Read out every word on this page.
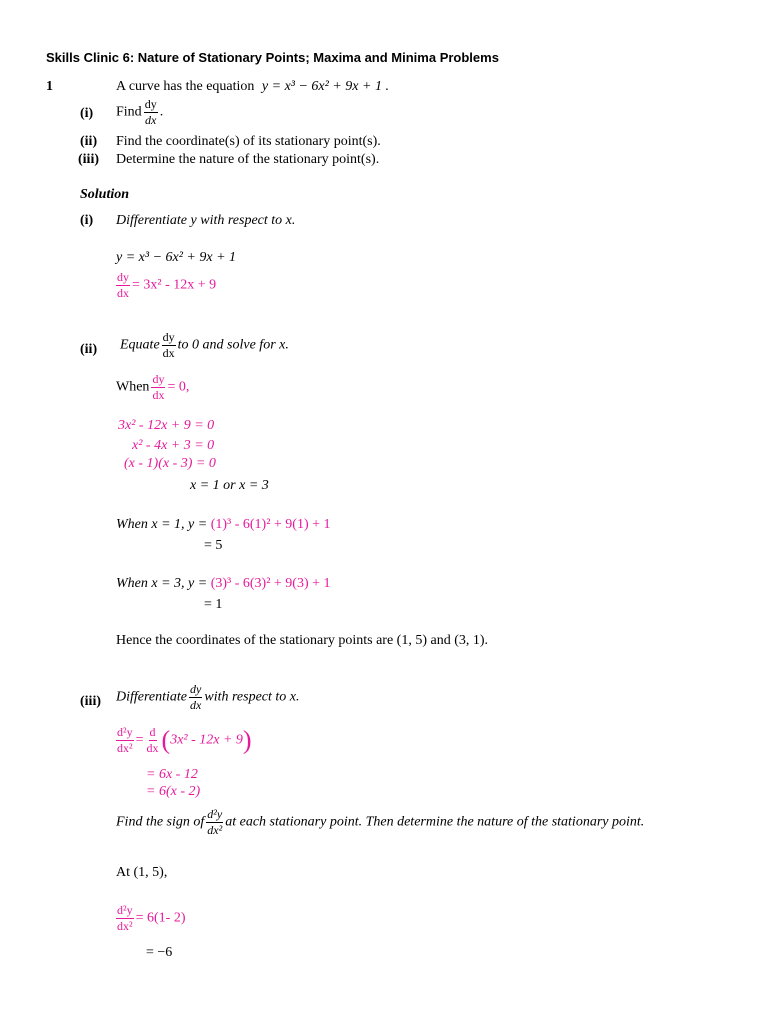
Skills Clinic 6: Nature of Stationary Points; Maxima and Minima Problems
1	A curve has the equation y = x³ − 6x² + 9x + 1 .
(i) Find $\frac{dy}{dx}$ .
(ii) Find the coordinate(s) of its stationary point(s).
(iii) Determine the nature of the stationary point(s).
Solution
(i) Differentiate y with respect to x.
y = x³ − 6x² + 9x + 1
$\frac{dy}{dx} = 3x^2 - 12x + 9$
(ii) Equate $\frac{dy}{dx}$ to 0 and solve for x.
When $\frac{dy}{dx} = 0$,
3x² - 12x + 9 = 0
x² - 4x + 3 = 0
(x - 1)(x - 3) = 0
x = 1 or x = 3
When x = 1, y = (1)³ - 6(1)² + 9(1) + 1
= 5
When x = 3, y = (3)³ - 6(3)² + 9(3) + 1
= 1
Hence the coordinates of the stationary points are (1, 5) and (3, 1).
(iii) Differentiate $\frac{dy}{dx}$ with respect to x.
$\frac{\text{d²y}}{\text{dx²}} = \frac{d}{dx} (3x^2 - 12x + 9)$
= 6x - 12
= 6(x - 2)
Find the sign of $\frac{\text{d²y}}{\text{dx²}}$ at each stationary point. Then determine the nature of the stationary point.
At (1, 5),
$\frac{\text{d²y}}{\text{dx²}} = 6(1-$ 2)
= −6
